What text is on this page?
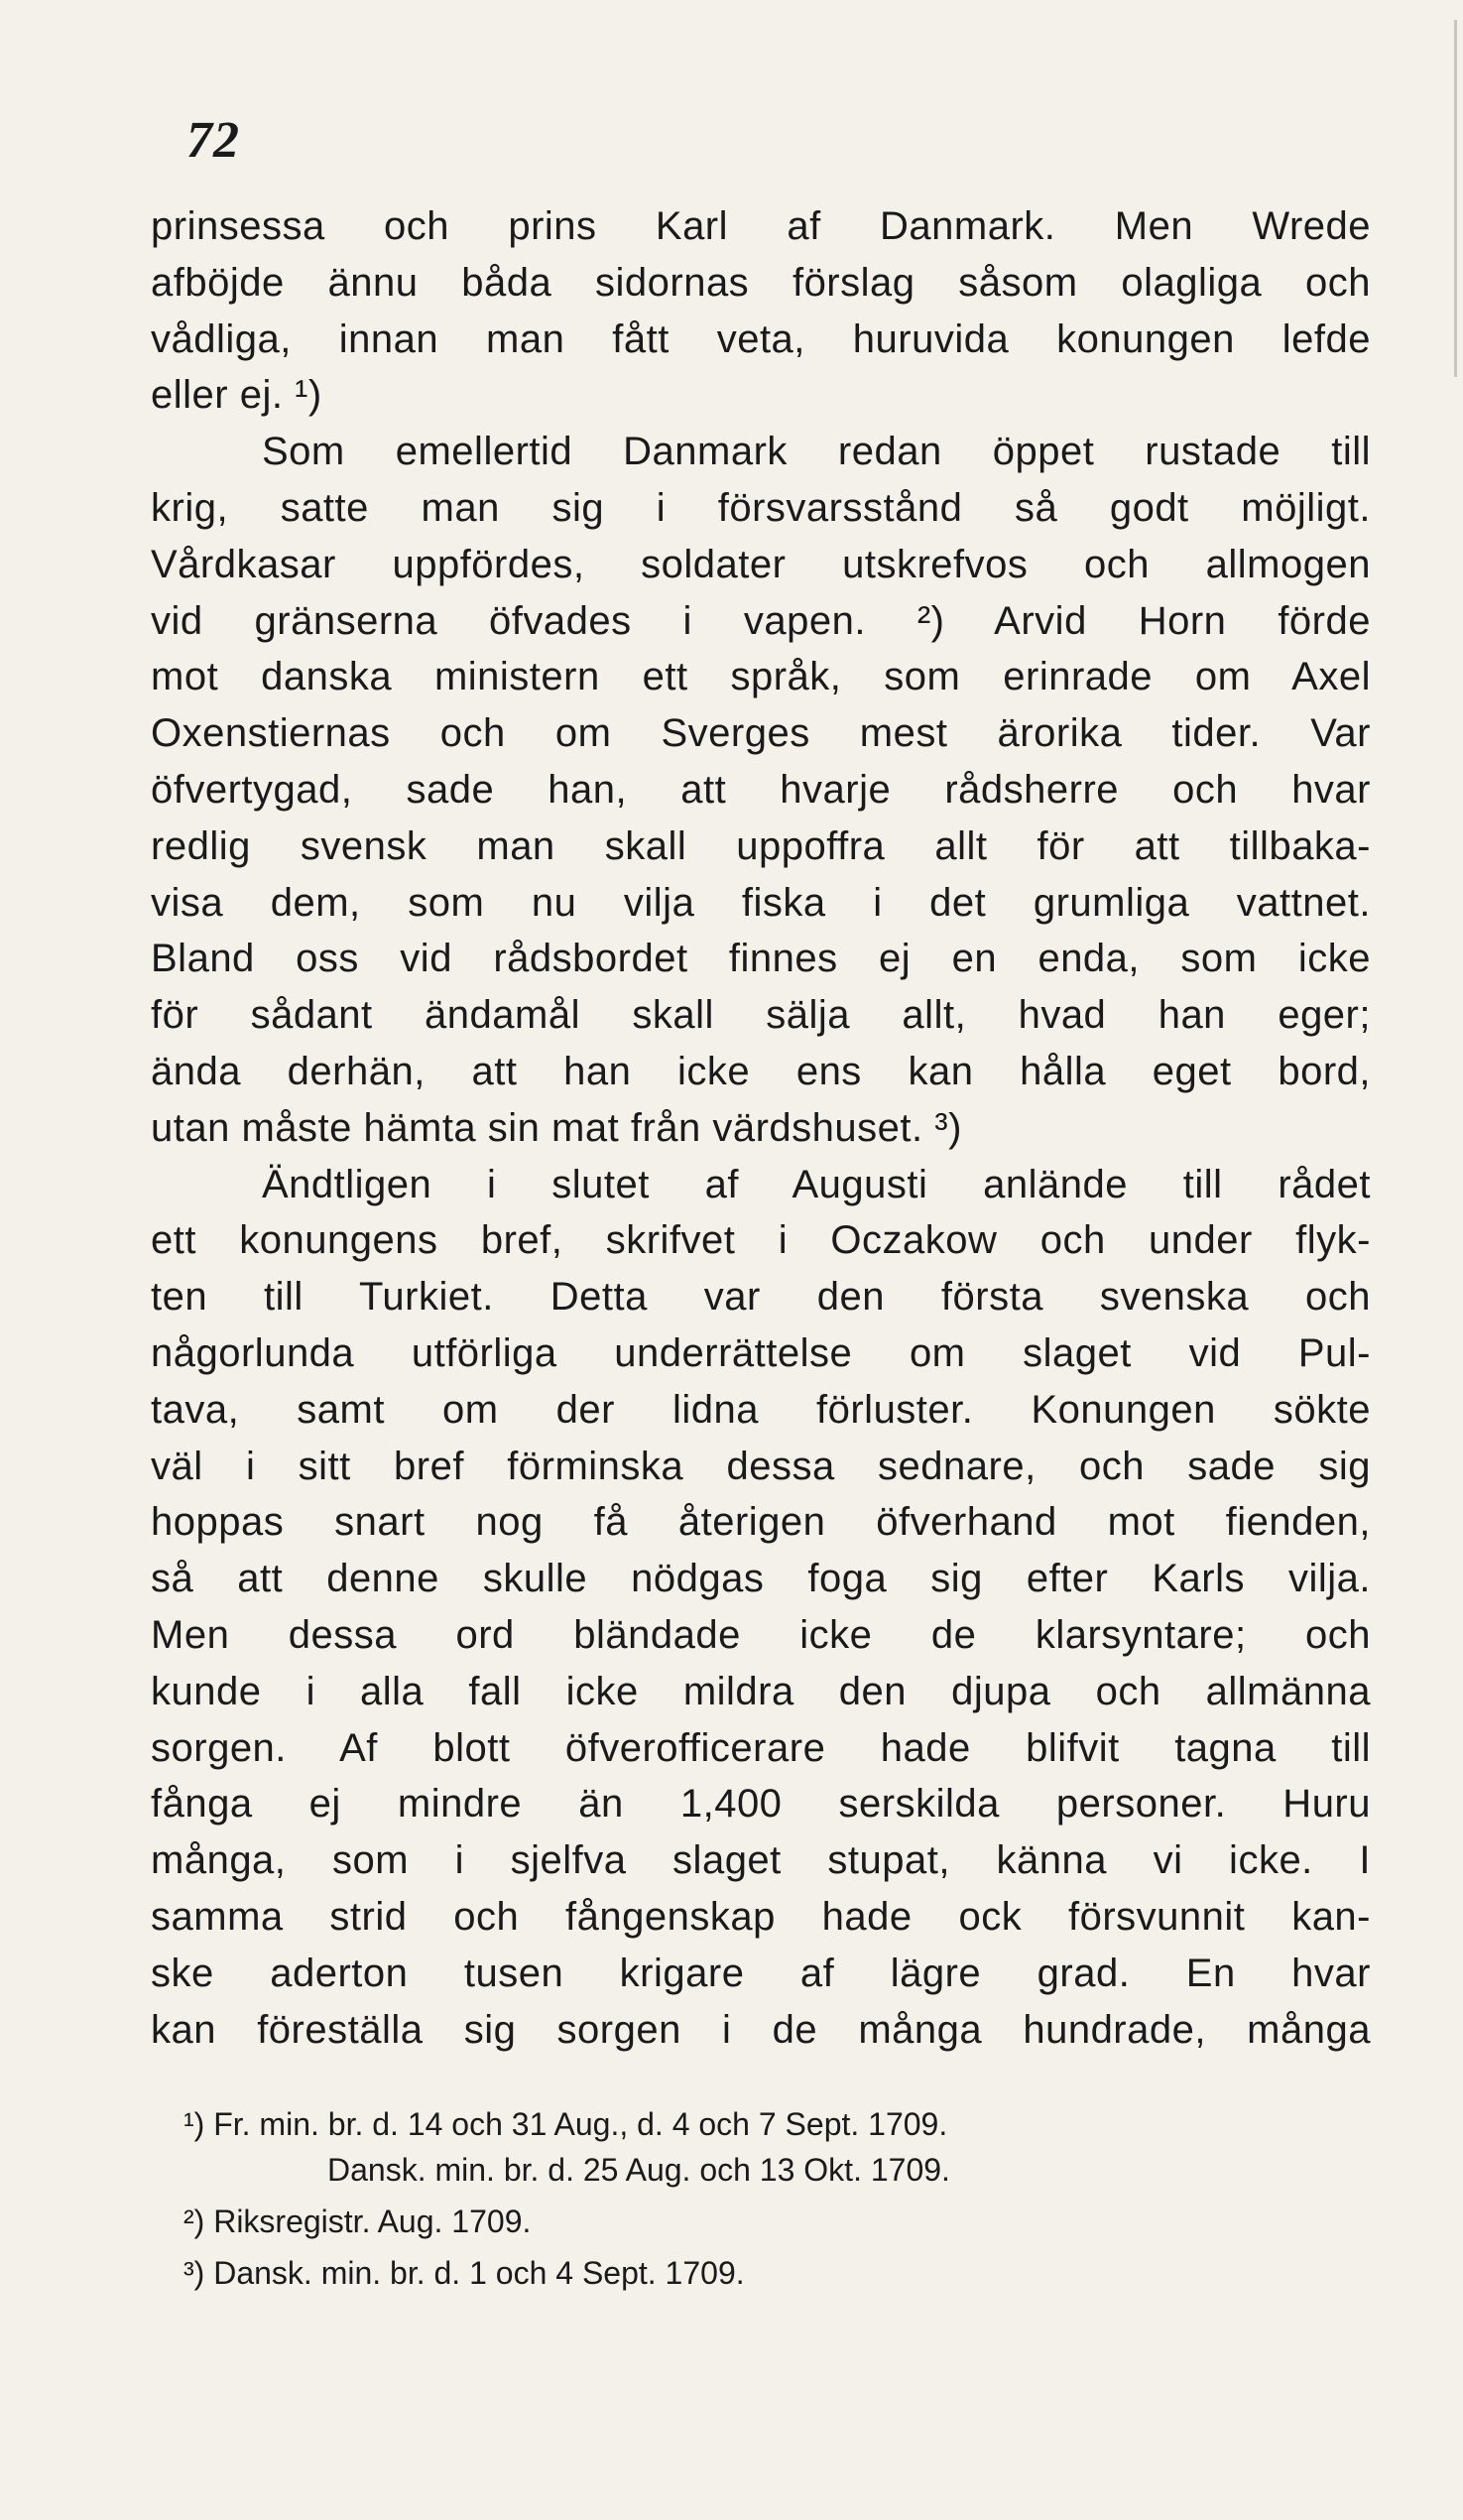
72
prinsessa och prins Karl af Danmark. Men Wrede
afböjde ännu båda sidornas förslag såsom olagliga och
vådliga, innan man fått veta, huruvida konungen lefde
eller ej. ¹)
Som emellertid Danmark redan öppet rustade till
krig, satte man sig i försvarsstånd så godt möjligt.
Vårdkasar uppfördes, soldater utskrefvos och allmogen
vid gränserna öfvades i vapen. ²) Arvid Horn förde
mot danska ministern ett språk, som erinrade om Axel
Oxenstiernas och om Sverges mest ärorika tider. Var
öfvertygad, sade han, att hvarje rådsherre och hvar
redlig svensk man skall uppoffra allt för att tillbaka-
visa dem, som nu vilja fiska i det grumliga vattnet.
Bland oss vid rådsbordet finnes ej en enda, som icke
för sådant ändamål skall sälja allt, hvad han eger;
ända derhän, att han icke ens kan hålla eget bord,
utan måste hämta sin mat från värdshuset. ³)
Ändtligen i slutet af Augusti anlände till rådet
ett konungens bref, skrifvet i Oczakow och under flyk-
ten till Turkiet. Detta var den första svenska och
någorlunda utförliga underrättelse om slaget vid Pul-
tava, samt om der lidna förluster. Konungen sökte
väl i sitt bref förminska dessa sednare, och sade sig
hoppas snart nog få återigen öfverhand mot fienden,
så att denne skulle nödgas foga sig efter Karls vilja.
Men dessa ord bländade icke de klarsyntare; och
kunde i alla fall icke mildra den djupa och allmänna
sorgen. Af blott öfverofficerare hade blifvit tagna till
fånga ej mindre än 1,400 serskilda personer. Huru
många, som i sjelfva slaget stupat, känna vi icke. I
samma strid och fångenskap hade ock försvunnit kan-
ske aderton tusen krigare af lägre grad. En hvar
kan föreställa sig sorgen i de många hundrade, många
¹) Fr. min. br. d. 14 och 31 Aug., d. 4 och 7 Sept. 1709.
Dansk. min. br. d. 25 Aug. och 13 Okt. 1709.
²) Riksregistr. Aug. 1709.
³) Dansk. min. br. d. 1 och 4 Sept. 1709.
